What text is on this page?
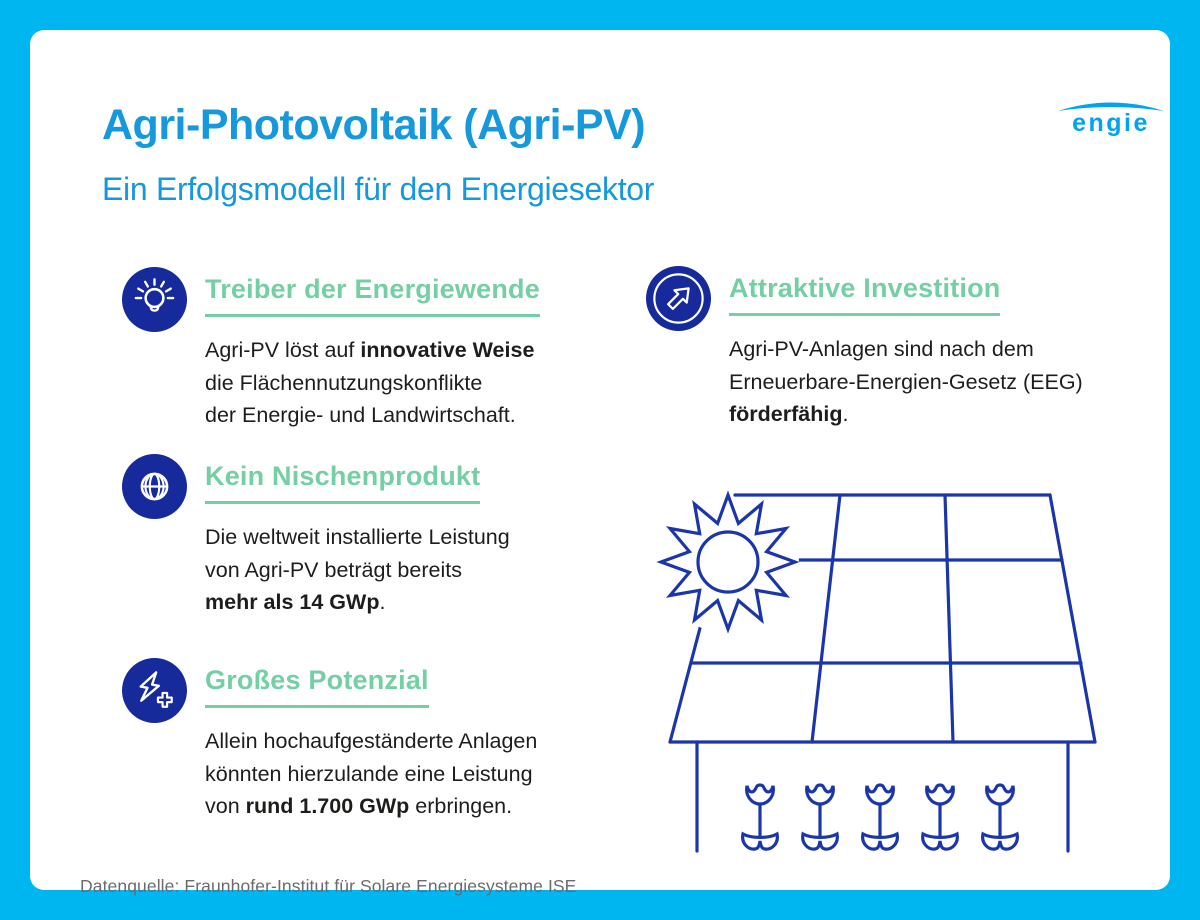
Agri-Photovoltaik (Agri-PV)
Ein Erfolgsmodell für den Energiesektor
engie
Treiber der Energiewende

Agri-PV löst auf innovative Weise

die Flächennutzungskonflikte

der Energie- und Landwirtschaft.

Kein Nischenprodukt

Die weltweit installierte Leistung

von Agri-PV beträgt bereits

mehr als 14 GWp.

Großes Potenzial

Allein hochaufgeständerte Anlagen

könnten hierzulande eine Leistung

von rund 1.700 GWp erbringen.

Attraktive Investition

Agri-PV-Anlagen sind nach dem

Erneuerbare-Energien-Gesetz (EEG)

förderfähig.

Datenquelle: Fraunhofer-Institut für Solare Energiesysteme ISE
